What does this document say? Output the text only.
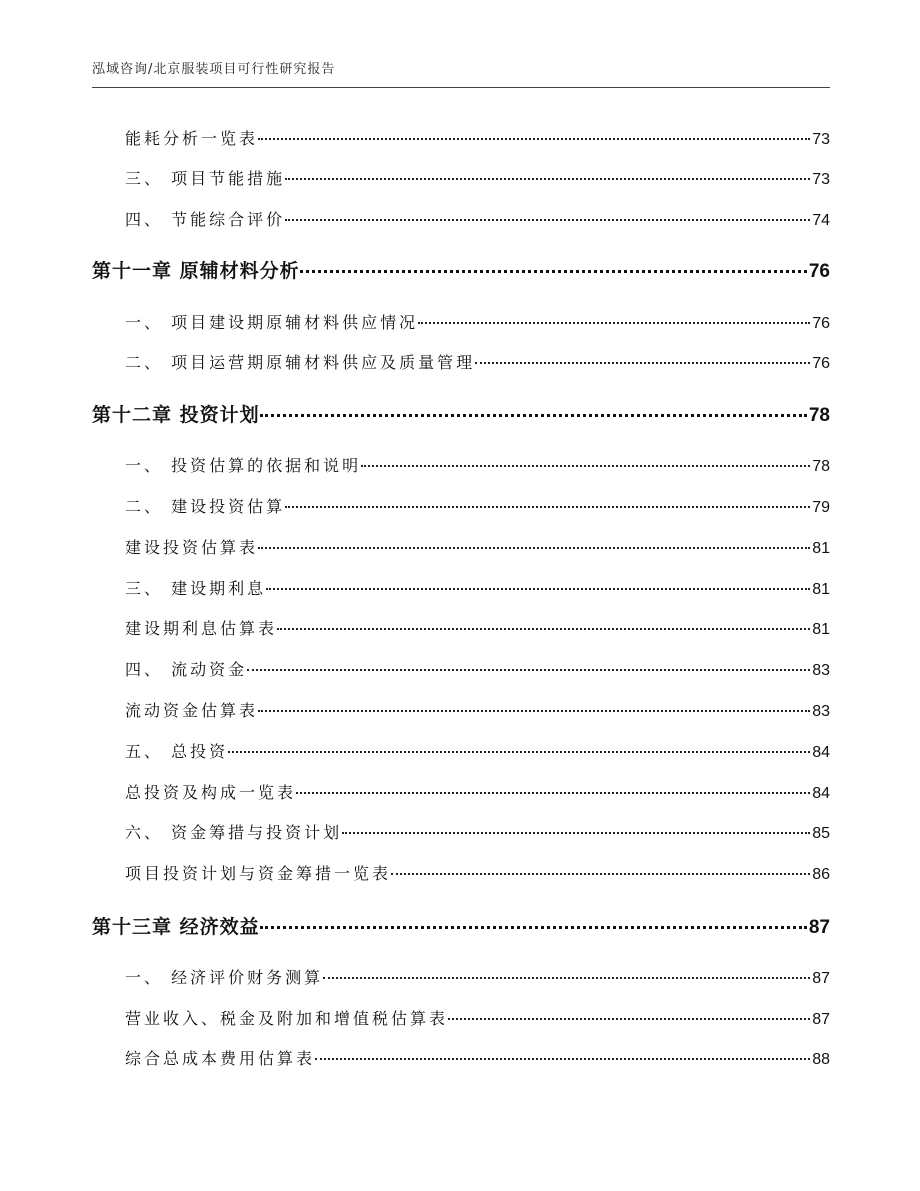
泓域咨询/北京服装项目可行性研究报告
能耗分析一览表	73
三、 项目节能措施	73
四、 节能综合评价	74
第十一章 原辅材料分析	76
一、 项目建设期原辅材料供应情况	76
二、 项目运营期原辅材料供应及质量管理	76
第十二章 投资计划	78
一、 投资估算的依据和说明	78
二、 建设投资估算	79
建设投资估算表	81
三、 建设期利息	81
建设期利息估算表	81
四、 流动资金	83
流动资金估算表	83
五、 总投资	84
总投资及构成一览表	84
六、 资金筹措与投资计划	85
项目投资计划与资金筹措一览表	86
第十三章 经济效益	87
一、 经济评价财务测算	87
营业收入、税金及附加和增值税估算表	87
综合总成本费用估算表	88
